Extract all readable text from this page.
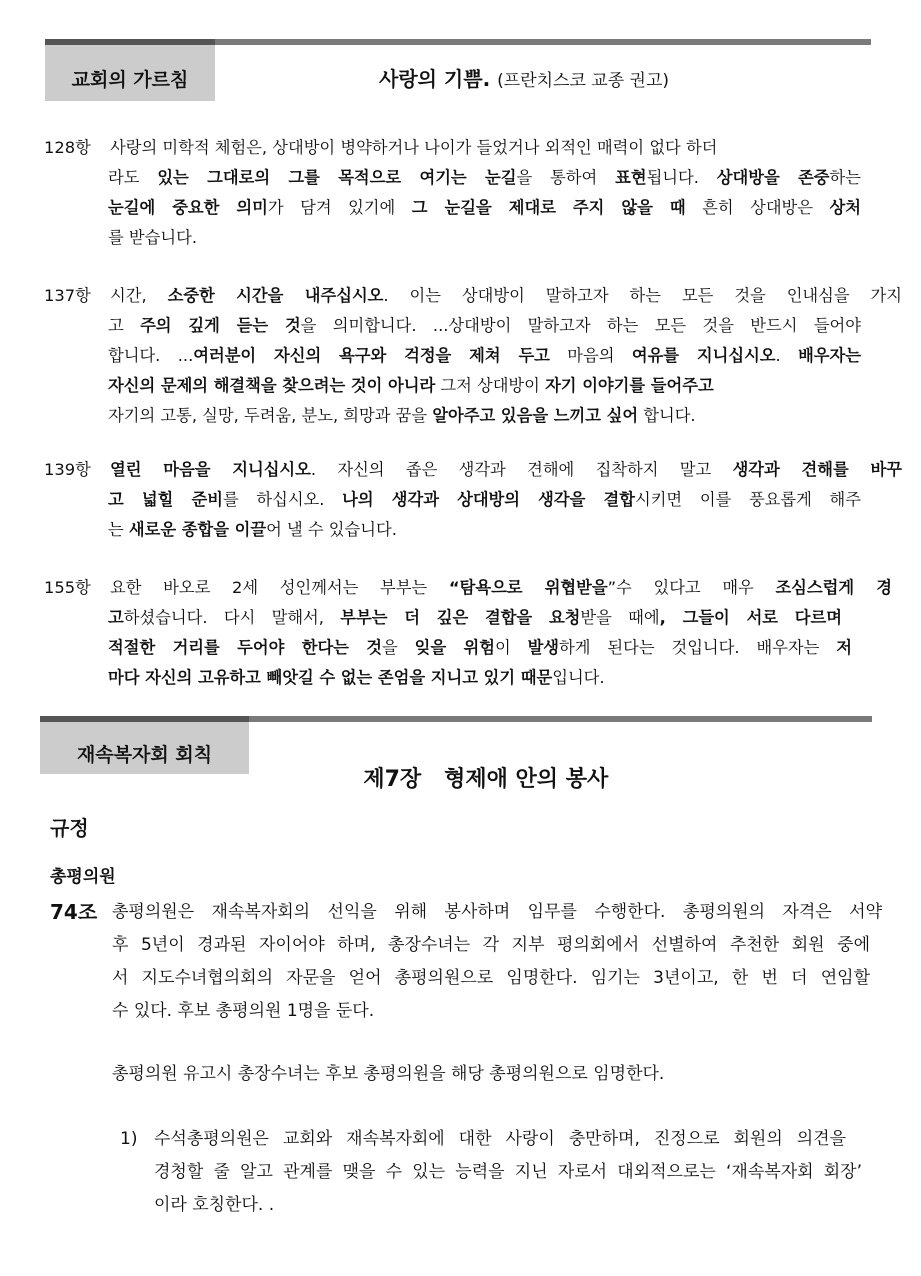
교회의 가르침	사랑의 기쁨. (프란치스코 교종 권고)
128항 사랑의 미학적 체험은, 상대방이 병약하거나 나이가 들었거나 외적인 매력이 없다 하더
라도 있는 그대로의 그를 목적으로 여기는 눈길을 통하여 표현됩니다. 상대방을 존중하는
눈길에 중요한 의미가 담겨 있기에 그 눈길을 제대로 주지 않을 때 흔히 상대방은 상처
를 받습니다.
137항 시간, 소중한 시간을 내주십시오. 이는 상대방이 말하고자 하는 모든 것을 인내심을 가지
고 주의 깊게 듣는 것을 의미합니다. ...상대방이 말하고자 하는 모든 것을 반드시 들어야
합니다. ...여러분이 자신의 욕구와 걱정을 제쳐 두고 마음의 여유를 지니십시오. 배우자는
자신의 문제의 해결책을 찾으려는 것이 아니라 그저 상대방이 자기 이야기를 들어주고
자기의 고통, 실망, 두려움, 분노, 희망과 꿈을 알아주고 있음을 느끼고 싶어 합니다.
139항 열린 마음을 지니십시오. 자신의 좁은 생각과 견해에 집착하지 말고 생각과 견해를 바꾸
고 넓힐 준비를 하십시오. 나의 생각과 상대방의 생각을 결합시키면 이를 풍요롭게 해주
는 새로운 종합을 이끌어 낼 수 있습니다.
155항 요한 바오로 2세 성인께서는 부부는 “탐욕으로 위협받을”수 있다고 매우 조심스럽게 경
고하셨습니다. 다시 말해서, 부부는 더 깊은 결합을 요청받을 때에, 그들이 서로 다르며
적절한 거리를 두어야 한다는 것을 잊을 위험이 발생하게 된다는 것입니다. 배우자는 저
마다 자신의 고유하고 빼앗길 수 없는 존엄을 지니고 있기 때문입니다.
재속복자회 회칙

제7장   형제애 안의 봉사

규정
총평의원
74조 총평의원은 재속복자회의 선익을 위해 봉사하며 임무를 수행한다. 총평의원의 자격은 서약
후 5년이 경과된 자이어야 하며, 총장수녀는 각 지부 평의회에서 선별하여 추천한 회원 중에
서 지도수녀협의회의 자문을 얻어 총평의원으로 임명한다. 임기는 3년이고, 한 번 더 연임할
수 있다. 후보 총평의원 1명을 둔다.
총평의원 유고시 총장수녀는 후보 총평의원을 해당 총평의원으로 임명한다.
1) 수석총평의원은 교회와 재속복자회에 대한 사랑이 충만하며, 진정으로 회원의 의견을
경청할 줄 알고 관계를 맺을 수 있는 능력을 지닌 자로서 대외적으로는 ‘재속복자회 회장’
이라 호칭한다. .
